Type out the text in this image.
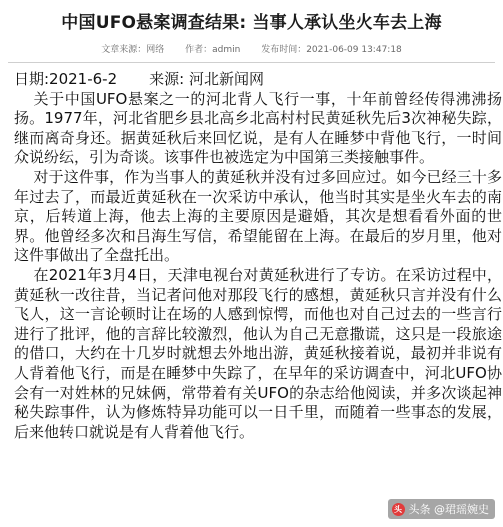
中国UFO悬案调查结果: 当事人承认坐火车去上海
文章来源：网络 作者：admin 发布时间：2021-06-09 13:47:18

日期:2021-6-2 来源: 河北新闻网

关于中国UFO悬案之一的河北背人飞行一事，十年前曾经传得沸沸扬扬。1977年，河北省肥乡县北高乡北高村村民黄延秋先后3次神秘失踪，继而离奇身还。据黄延秋后来回忆说，是有人在睡梦中背他飞行，一时间众说纷纭，引为奇谈。该事件也被选定为中国第三类接触事件。

对于这件事，作为当事人的黄延秋并没有过多回应过。如今已经三十多年过去了，而最近黄延秋在一次采访中承认，他当时其实是坐火车去的南京，后转道上海，他去上海的主要原因是避婚，其次是想看看外面的世界。他曾经多次和吕海生写信，希望能留在上海。在最后的岁月里，他对这件事做出了全盘托出。

在2021年3月4日，天津电视台对黄延秋进行了专访。在采访过程中，黄延秋一改往昔，当记者问他对那段飞行的感想，黄延秋只言并没有什么飞人，这一言论顿时让在场的人感到惊愕，而他也对自己过去的一些言行进行了批评，他的言辞比较激烈，他认为自己无意撒谎，这只是一段旅途的借口，大约在十几岁时就想去外地出游，黄延秋接着说，最初并非说有人背着他飞行，而是在睡梦中失踪了，在早年的采访调查中，河北UFO协会有一对姓林的兄妹俩，常带着有关UFO的杂志给他阅读，并多次谈起神秘失踪事件，认为修炼特异功能可以一日千里，而随着一些事态的发展，后来他转口就说是有人背着他飞行。

头 头条 @珺瑶婉史
